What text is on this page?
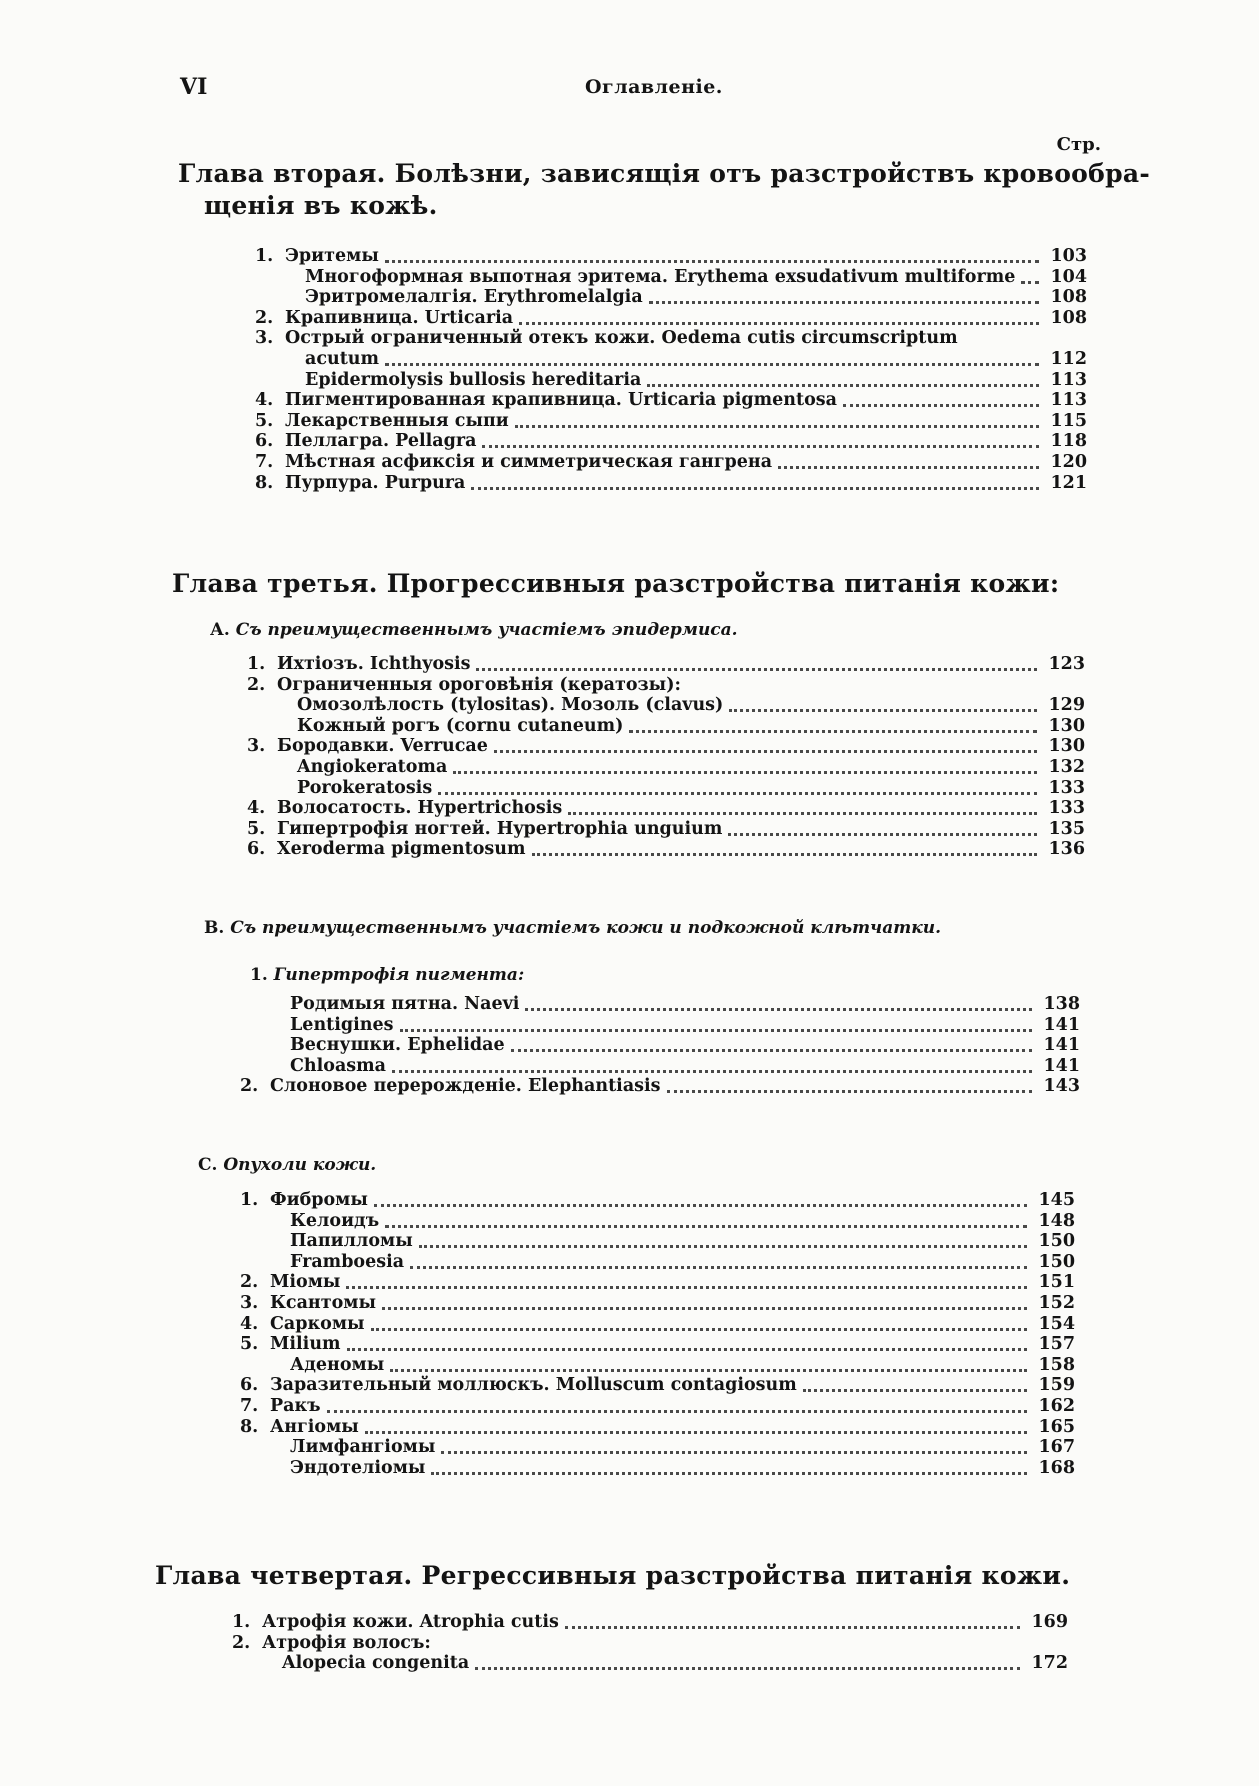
VI	Оглавленiе.
Стр.
Глава вторая. Болѣзни, зависящiя отъ разстройствъ кровообра-
щенiя въ кожѣ.
1. Эритемы	103
Многоформная выпотная эритема. Erythema exsudativum multiforme	104
Эритромелалгiя. Erythromelalgia	108
2. Крапивница. Urticaria	108
3. Острый ограниченный отекъ кожи. Oedema cutis circumscriptum
acutum	112
Epidermolysis bullosis hereditaria	113
4. Пигментированная крапивница. Urticaria pigmentosa	113
5. Лекарственныя сыпи	115
6. Пеллагра. Pellagra	118
7. Мѣстная асфиксiя и симметрическая гангрена	120
8. Пурпура. Purpura	121
Глава третья. Прогрессивныя разстройства питанiя кожи:
А. Съ преимущественнымъ участiемъ эпидермиса.
1. Ихтiозъ. Ichthyosis	123
2. Ограниченныя ороговѣнiя (кератозы):
Омозолѣлость (tylositas). Мозоль (clavus)	129
Кожный рогъ (cornu cutaneum)	130
3. Бородавки. Verrucae	130
Angiokeratoma	132
Porokeratosis	133
4. Волосатость. Hypertrichosis	133
5. Гипертрофiя ногтей. Hypertrophia unguium	135
6. Xeroderma pigmentosum	136
В. Съ преимущественнымъ участiемъ кожи и подкожной клѣтчатки.
1. Гипертрофiя пигмента:
Родимыя пятна. Naevi	138
Lentigines	141
Веснушки. Ephelidae	141
Chloasma	141
2. Слоновое перерожденiе. Elephantiasis	143
С. Опухоли кожи.
1. Фибромы	145
Келоидъ	148
Папилломы	150
Framboesia	150
2. Мiомы	151
3. Ксантомы	152
4. Саркомы	154
5. Milium	157
Аденомы	158
6. Заразительный моллюскъ. Molluscum contagiosum	159
7. Ракъ	162
8. Ангiомы	165
Лимфангiомы	167
Эндотелiомы	168
Глава четвертая. Регрессивныя разстройства питанiя кожи.
1. Атрофiя кожи. Atrophia cutis	169
2. Атрофiя волосъ:
Alopecia congenita	172
